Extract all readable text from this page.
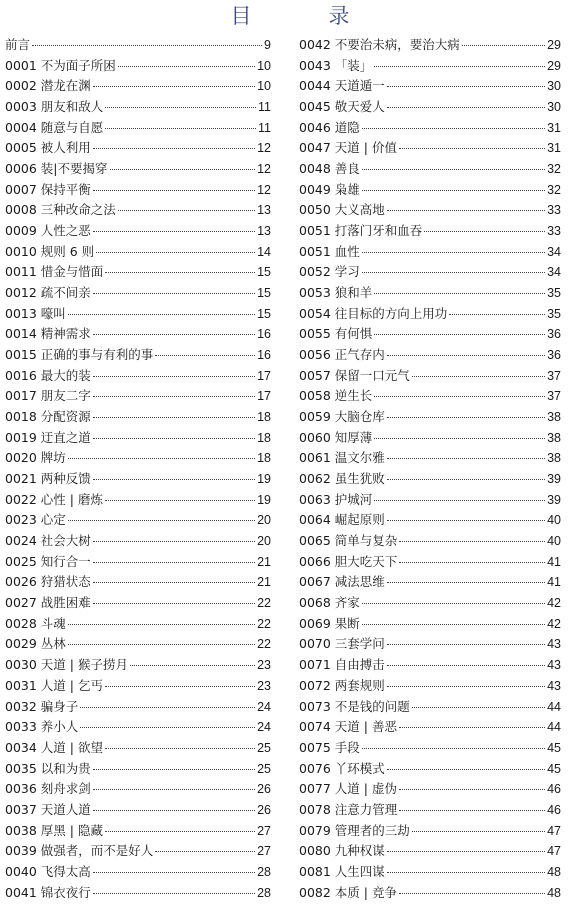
目　录
前言	9
0001 不为面子所困	10
0002 潜龙在渊	10
0003 朋友和敌人	11
0004 随意与自愿	11
0005 被人利用	12
0006 装|不要揭穿	12
0007 保持平衡	12
0008 三种改命之法	13
0009 人性之恶	13
0010 规则 6 则	14
0011 惜金与惜面	15
0012 疏不间亲	15
0013 嚎叫	15
0014 精神需求	16
0015 正确的事与有利的事	16
0016 最大的装	17
0017 朋友二字	17
0018 分配资源	18
0019 迂直之道	18
0020 牌坊	18
0021 两种反馈	19
0022 心性 | 磨炼	19
0023 心定	20
0024 社会大树	20
0025 知行合一	21
0026 狩猎状态	21
0027 战胜困难	22
0028 斗魂	22
0029 丛林	22
0030 天道 | 猴子捞月	23
0031 人道 | 乞丐	23
0032 骗身子	24
0033 养小人	24
0034 人道 | 欲望	25
0035 以和为贵	25
0036 刻舟求剑	26
0037 天道人道	26
0038 厚黑 | 隐藏	27
0039 做强者，而不是好人	27
0040 飞得太高	28
0041 锦衣夜行	28
0042 不要治未病，要治大病	29
0043 「装」	29
0044 天道遁一	30
0045 敬天爱人	30
0046 道隐	31
0047 天道 | 价值	31
0048 善良	32
0049 枭雄	32
0050 大义高地	33
0051 打落门牙和血吞	33
0051 血性	34
0052 学习	34
0053 狼和羊	35
0054 往目标的方向上用功	35
0055 有何惧	36
0056 正气存内	36
0057 保留一口元气	37
0058 逆生长	37
0059 大脑仓库	38
0060 知厚薄	38
0061 温文尔雅	38
0062 虽生犹败	39
0063 护城河	39
0064 崛起原则	40
0065 简单与复杂	40
0066 胆大吃天下	41
0067 减法思维	41
0068 齐家	42
0069 果断	42
0070 三套学问	43
0071 自由搏击	43
0072 两套规则	43
0073 不是钱的问题	44
0074 天道 | 善恶	44
0075 手段	45
0076 丫环模式	45
0077 人道 | 虚伪	46
0078 注意力管理	46
0079 管理者的三劫	47
0080 九种权谋	47
0081 人生四谋	48
0082 本质 | 竞争	48
